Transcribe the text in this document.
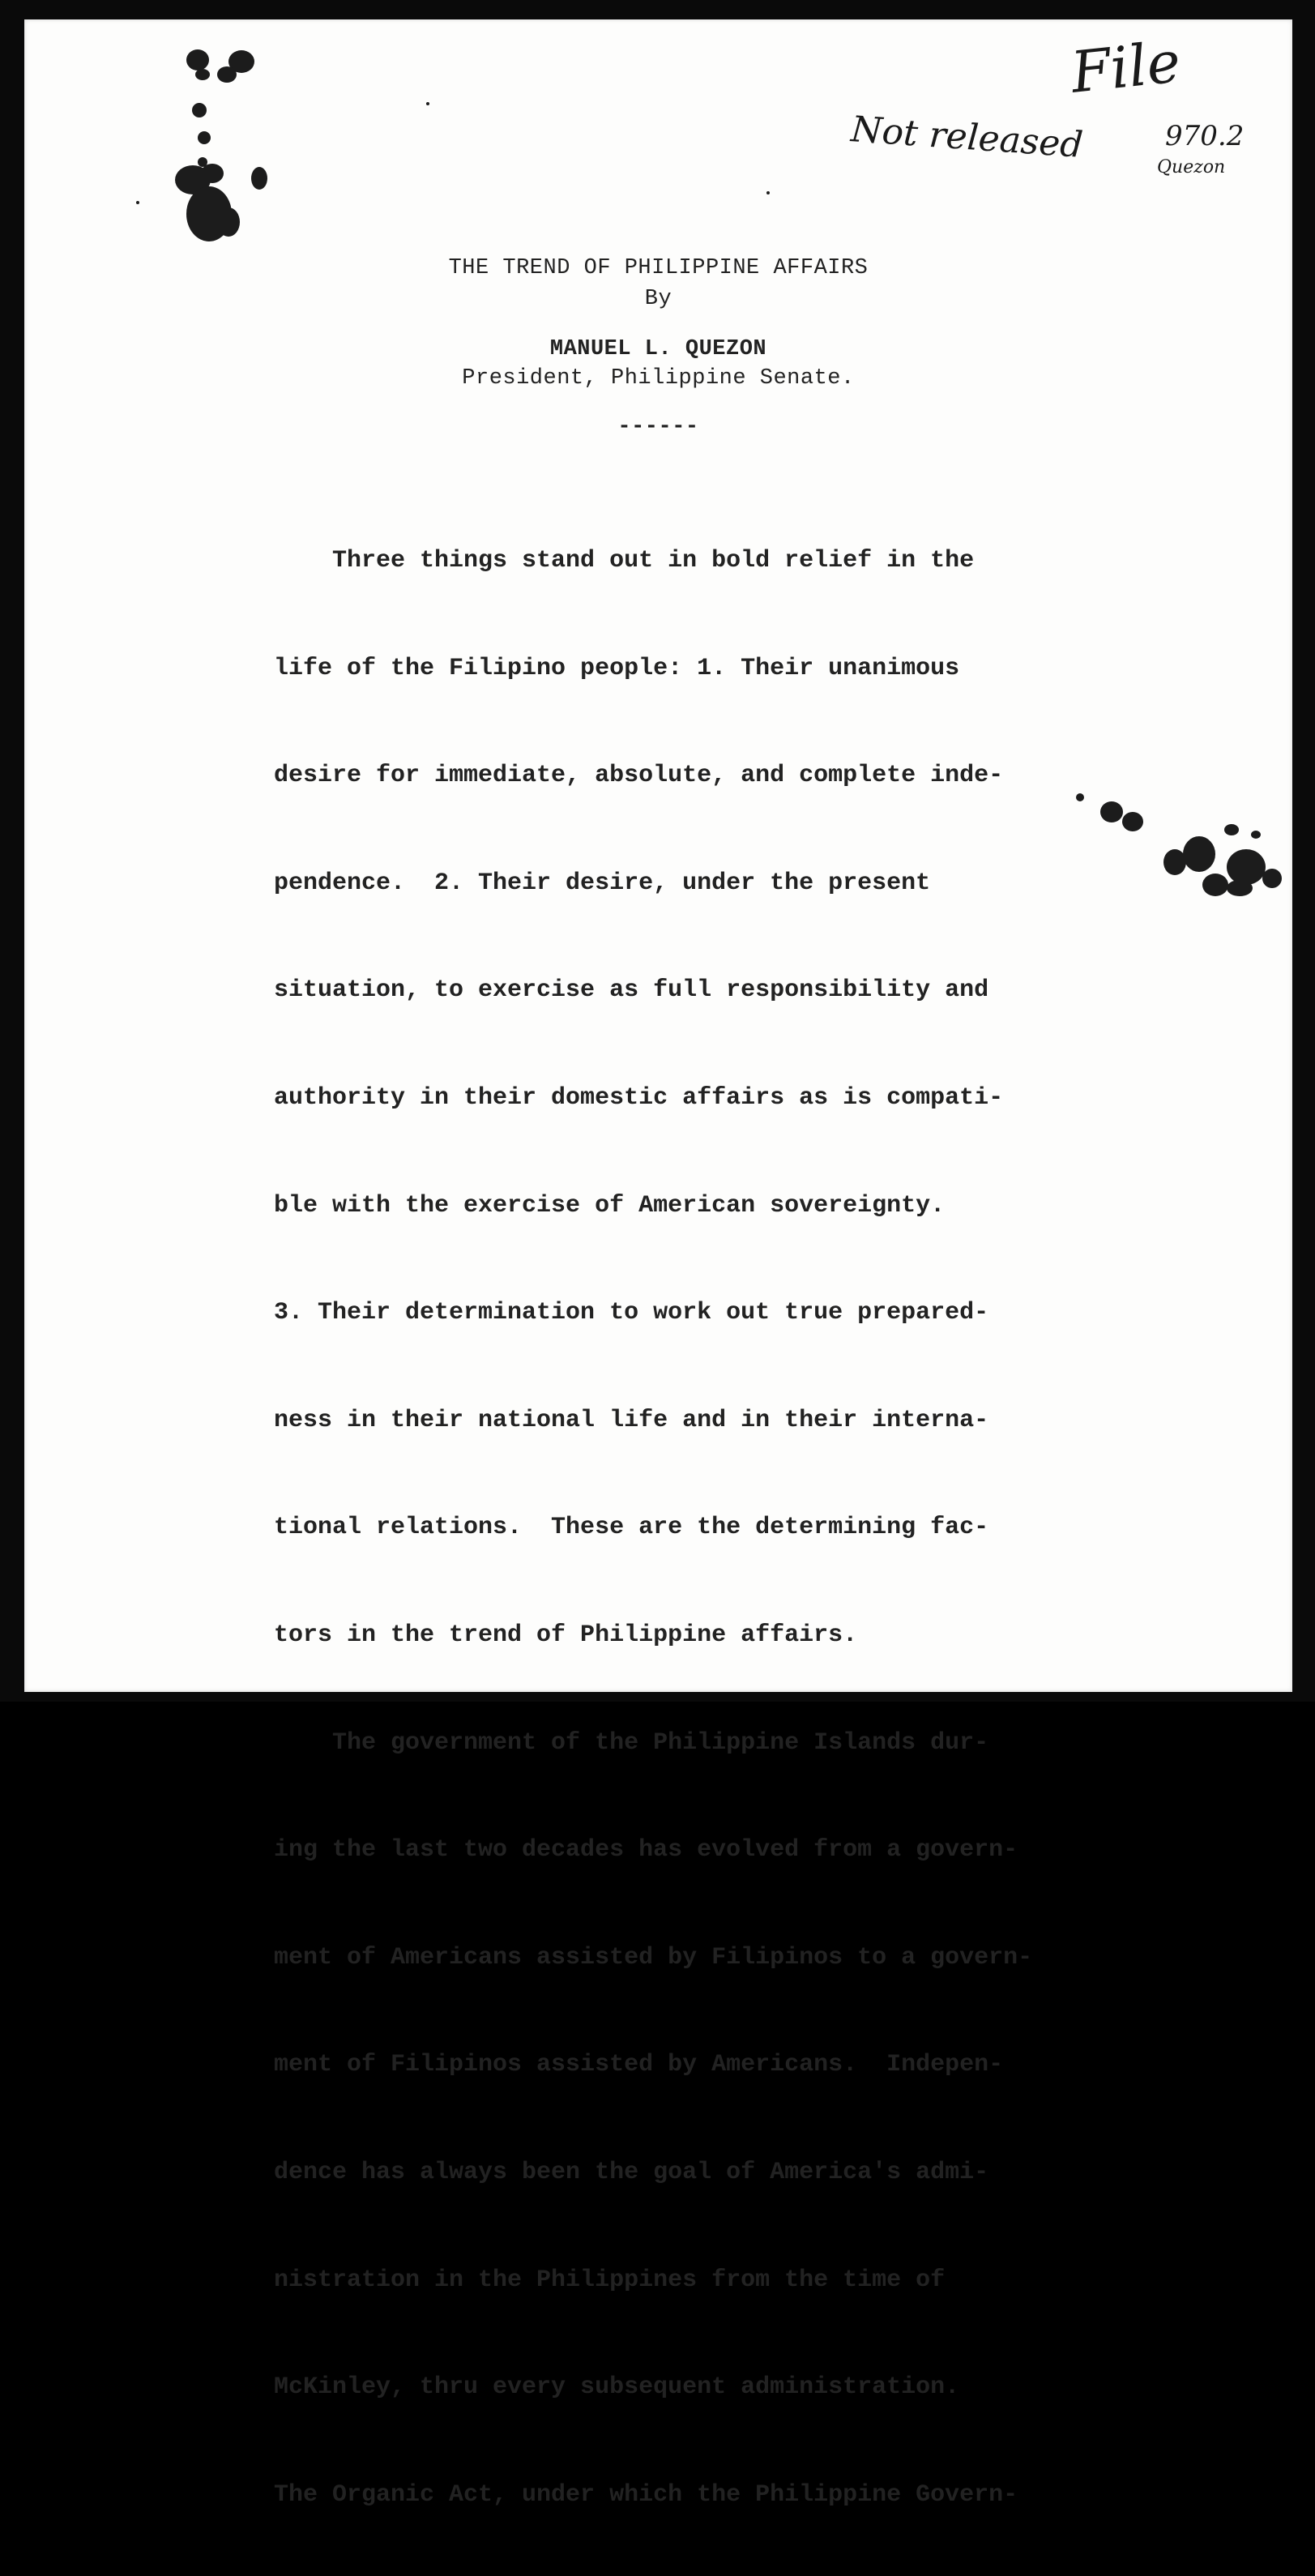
File
Not released	970.2
Quezon
THE TREND OF PHILIPPINE AFFAIRS
By
MANUEL L. QUEZON
President, Philippine Senate.
------

Three things stand out in bold relief in the

life of the Filipino people: 1. Their unanimous

desire for immediate, absolute, and complete inde-

pendence.  2. Their desire, under the present

situation, to exercise as full responsibility and

authority in their domestic affairs as is compati-

ble with the exercise of American sovereignty.

3. Their determination to work out true prepared-

ness in their national life and in their interna-

tional relations.  These are the determining fac-

tors in the trend of Philippine affairs.

The government of the Philippine Islands dur-

ing the last two decades has evolved from a govern-

ment of Americans assisted by Filipinos to a govern-

ment of Filipinos assisted by Americans.  Indepen-

dence has always been the goal of America's admi-

nistration in the Philippines from the time of

McKinley, thru every subsequent administration.

The Organic Act, under which the Philippine Govern-
